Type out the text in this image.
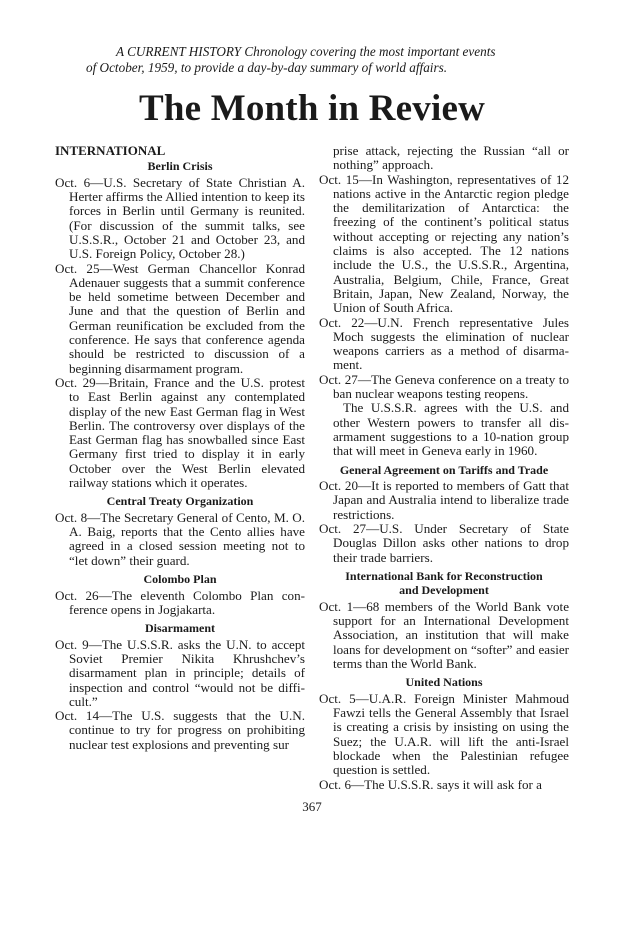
A CURRENT HISTORY Chronology covering the most important events
of October, 1959, to provide a day-by-day summary of world affairs.
The Month in Review
INTERNATIONAL
Berlin Crisis

Oct. 6—U.S. Secretary of State Christian A. Herter affirms the Allied intention to keep its forces in Berlin until Germany is reunited. (For discussion of the summit talks, see U.S.S.R., October 21 and October 23, and U.S. Foreign Policy, October 28.)

Oct. 25—West German Chancellor Konrad Adenauer suggests that a summit conference be held sometime between December and June and that the question of Berlin and German reunification be excluded from the conference. He says that conference agenda should be restricted to discussion of a beginning disarmament program.

Oct. 29—Britain, France and the U.S. protest to East Berlin against any contemplated display of the new East German flag in West Berlin. The controversy over displays of the East German flag has snowballed since East Germany first tried to display it in early October over the West Berlin elevated railway stations which it operates.

Central Treaty Organization

Oct. 8—The Secretary General of Cento, M. O. A. Baig, reports that the Cento allies have agreed in a closed session meeting not to “let down” their guard.

Colombo Plan

Oct. 26—The eleventh Colombo Plan conference opens in Jogjakarta.

Disarmament

Oct. 9—The U.S.S.R. asks the U.N. to accept Soviet Premier Nikita Khrushchev’s disarmament plan in principle; details of inspection and control “would not be difficult.”

Oct. 14—The U.S. suggests that the U.N. continue to try for progress on prohibiting nuclear test explosions and preventing sur

prise attack, rejecting the Russian “all or nothing” approach.

Oct. 15—In Washington, representatives of 12 nations active in the Antarctic region pledge the demilitarization of Antarctica: the freezing of the continent’s political status without accepting or rejecting any nation’s claims is also accepted. The 12 nations include the U.S., the U.S.S.R., Argentina, Australia, Belgium, Chile, France, Great Britain, Japan, New Zealand, Norway, the Union of South Africa.

Oct. 22—U.N. French representative Jules Moch suggests the elimination of nuclear weapons carriers as a method of disarmament.

Oct. 27—The Geneva conference on a treaty to ban nuclear weapons testing reopens.

The U.S.S.R. agrees with the U.S. and other Western powers to transfer all disarmament suggestions to a 10-nation group that will meet in Geneva early in 1960.

General Agreement on Tariffs and Trade

Oct. 20—It is reported to members of Gatt that Japan and Australia intend to liberalize trade restrictions.

Oct. 27—U.S. Under Secretary of State Douglas Dillon asks other nations to drop their trade barriers.

International Bank for Reconstruction
and Development

Oct. 1—68 members of the World Bank vote support for an International Development Association, an institution that will make loans for development on “softer” and easier terms than the World Bank.

United Nations

Oct. 5—U.A.R. Foreign Minister Mahmoud Fawzi tells the General Assembly that Israel is creating a crisis by insisting on using the Suez; the U.A.R. will lift the anti-Israel blockade when the Palestinian refugee question is settled.

Oct. 6—The U.S.S.R. says it will ask for a

367
